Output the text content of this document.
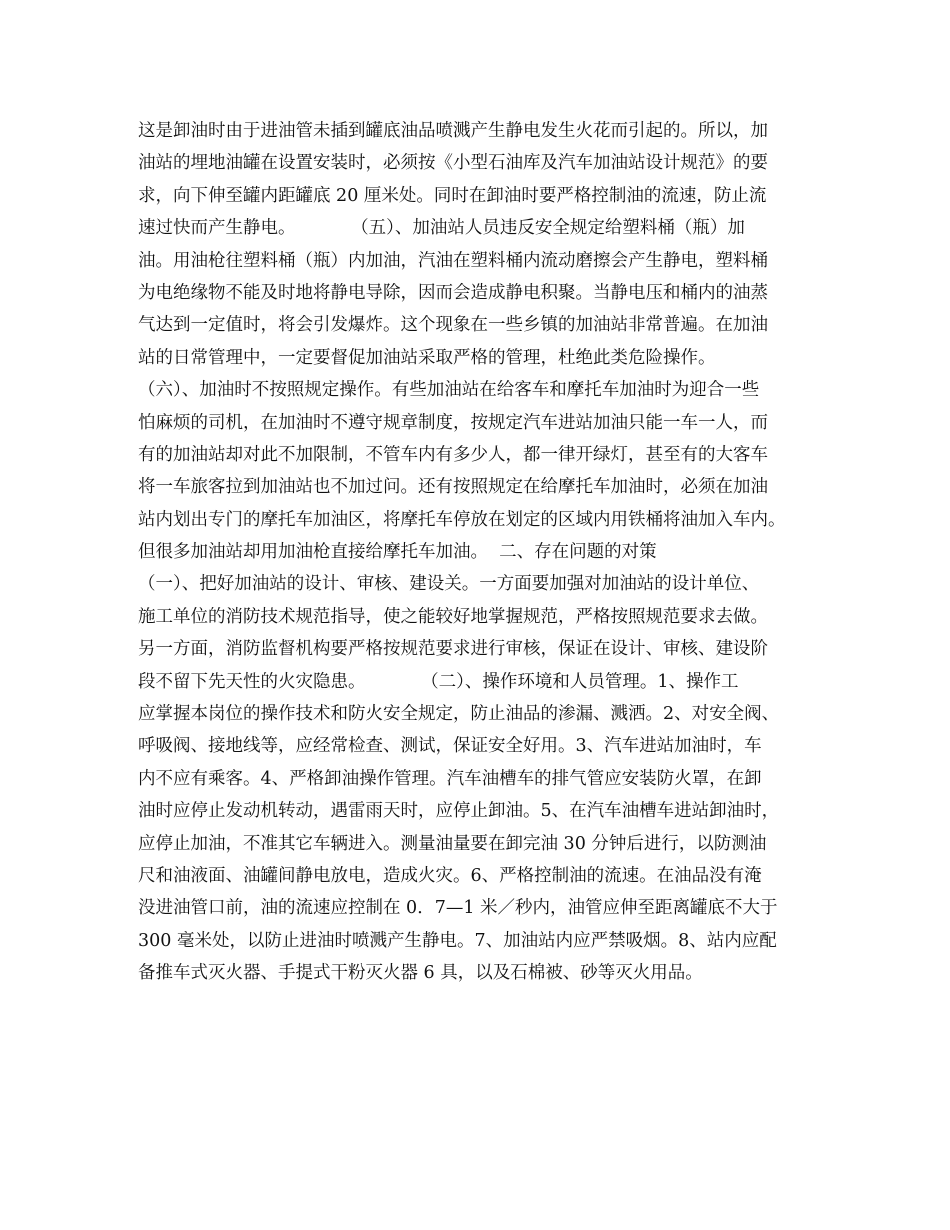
这是卸油时由于进油管未插到罐底油品喷溅产生静电发生火花而引起的。所以，加
油站的埋地油罐在设置安装时，必须按《小型石油库及汽车加油站设计规范》的要
求，向下伸至罐内距罐底 20 厘米处。同时在卸油时要严格控制油的流速，防止流
速过快而产生静电。          （五）、加油站人员违反安全规定给塑料桶（瓶）加
油。用油枪往塑料桶（瓶）内加油，汽油在塑料桶内流动磨擦会产生静电，塑料桶
为电绝缘物不能及时地将静电导除，因而会造成静电积聚。当静电压和桶内的油蒸
气达到一定值时，将会引发爆炸。这个现象在一些乡镇的加油站非常普遍。在加油
站的日常管理中，一定要督促加油站采取严格的管理，杜绝此类危险操作。
（六）、加油时不按照规定操作。有些加油站在给客车和摩托车加油时为迎合一些
怕麻烦的司机，在加油时不遵守规章制度，按规定汽车进站加油只能一车一人，而
有的加油站却对此不加限制，不管车内有多少人，都一律开绿灯，甚至有的大客车
将一车旅客拉到加油站也不加过问。还有按照规定在给摩托车加油时，必须在加油
站内划出专门的摩托车加油区，将摩托车停放在划定的区域内用铁桶将油加入车内。
但很多加油站却用加油枪直接给摩托车加油。  二、存在问题的对策
（一）、把好加油站的设计、审核、建设关。一方面要加强对加油站的设计单位、
施工单位的消防技术规范指导，使之能较好地掌握规范，严格按照规范要求去做。
另一方面，消防监督机构要严格按规范要求进行审核，保证在设计、审核、建设阶
段不留下先天性的火灾隐患。          （二）、操作环境和人员管理。1、操作工
应掌握本岗位的操作技术和防火安全规定，防止油品的渗漏、溅洒。2、对安全阀、
呼吸阀、接地线等，应经常检查、测试，保证安全好用。3、汽车进站加油时，车
内不应有乘客。4、严格卸油操作管理。汽车油槽车的排气管应安装防火罩，在卸
油时应停止发动机转动，遇雷雨天时，应停止卸油。5、在汽车油槽车进站卸油时，
应停止加油，不准其它车辆进入。测量油量要在卸完油 30 分钟后进行，以防测油
尺和油液面、油罐间静电放电，造成火灾。6、严格控制油的流速。在油品没有淹
没进油管口前，油的流速应控制在 0．7—1 米／秒内，油管应伸至距离罐底不大于
300 毫米处，以防止进油时喷溅产生静电。7、加油站内应严禁吸烟。8、站内应配
备推车式灭火器、手提式干粉灭火器 6 具，以及石棉被、砂等灭火用品。
